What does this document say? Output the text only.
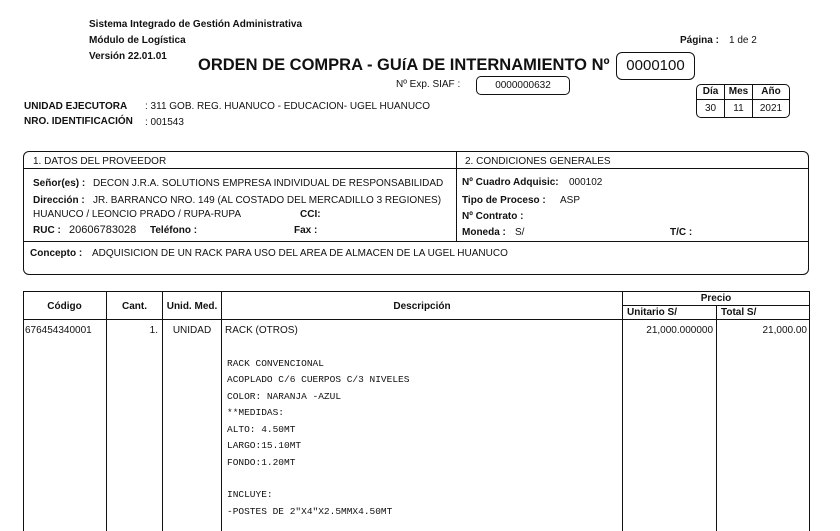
Sistema Integrado de Gestión Administrativa
Módulo de Logística
Versión 22.01.01 ORDEN DE COMPRA - GUíA DE INTERNAMIENTO Nº	0000100
Página : 1 de 2
Nº Exp. SIAF :	0000000632
Día	Mes	Año
30	11	2021
UNIDAD EJECUTORA : 311 GOB. REG. HUANUCO - EDUCACION- UGEL HUANUCO
NRO. IDENTIFICACIÓN : 001543
1. DATOS DEL PROVEEDOR	2. CONDICIONES GENERALES
Señor(es) : DECON J.R.A. SOLUTIONS EMPRESA INDIVIDUAL DE RESPONSABILIDAD
Dirección : JR. BARRANCO NRO. 149 (AL COSTADO DEL MERCADILLO 3 REGIONES)
HUANUCO / LEONCIO PRADO / RUPA-RUPA	CCI:
RUC : 20606783028 Teléfono :	Fax :
Nº Cuadro Adquisic: 000102
Tipo de Proceso : ASP
Nº Contrato :
Moneda : S/	T/C :
Concepto : ADQUISICION DE UN RACK PARA USO DEL AREA DE ALMACEN DE LA UGEL HUANUCO
Código	Cant.	Unid. Med.	Descripción
Precio
Unitario S/	Total S/
676454340001	1.	UNIDAD	RACK (OTROS)	21,000.000000	21,000.00
RACK CONVENCIONAL
ACOPLADO C/6 CUERPOS C/3 NIVELES
COLOR: NARANJA -AZUL
**MEDIDAS:
ALTO: 4.50MT
LARGO:15.10MT
FONDO:1.20MT
INCLUYE:
-POSTES DE 2"X4"X2.5MMX4.50MT
